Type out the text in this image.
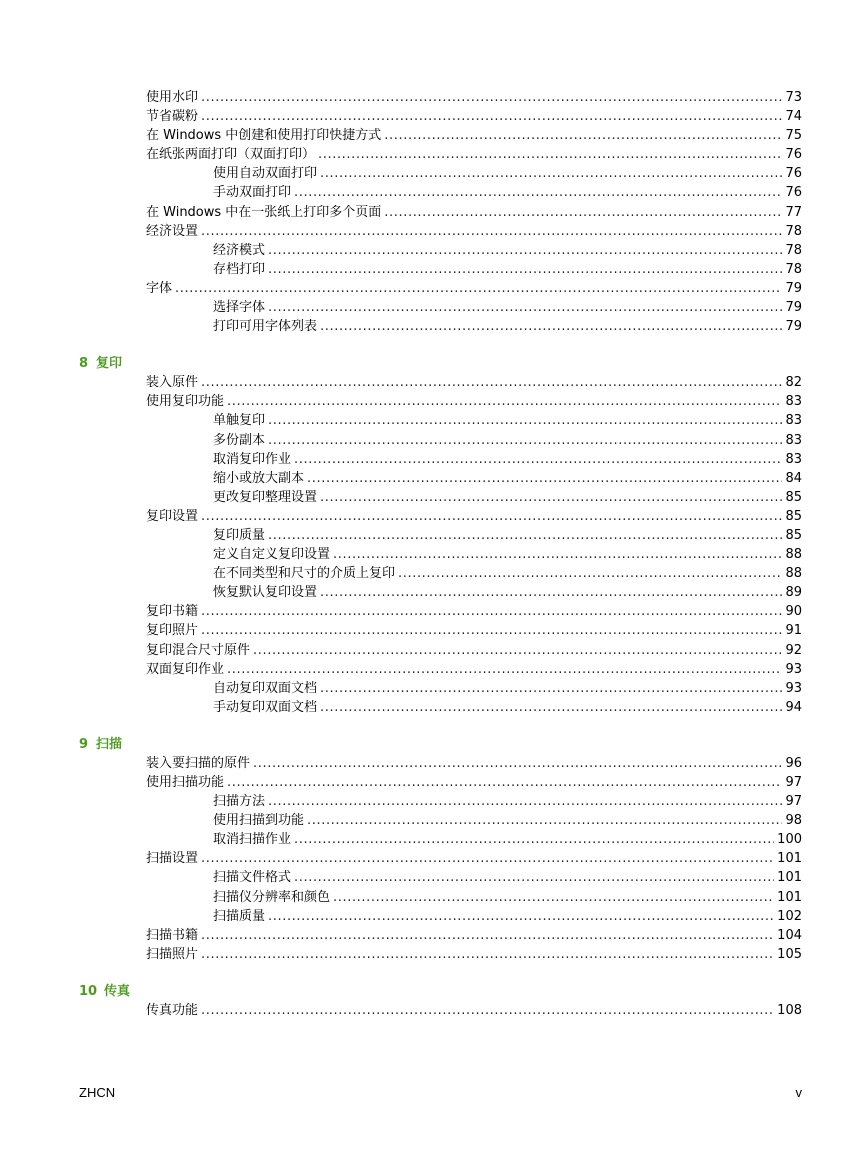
使用水印 .....	73
节省碳粉 .....	74
在 Windows 中创建和使用打印快捷方式 .....	75
在纸张两面打印（双面打印） .....	76
使用自动双面打印 .....	76
手动双面打印 .....	76
在 Windows 中在一张纸上打印多个页面 .....	77
经济设置 .....	78
经济模式 .....	78
存档打印 .....	78
字体 .....	79
选择字体 .....	79
打印可用字体列表 .....	79
8 复印
装入原件 .....	82
使用复印功能 .....	83
单触复印 .....	83
多份副本 .....	83
取消复印作业 .....	83
缩小或放大副本 .....	84
更改复印整理设置 .....	85
复印设置 .....	85
复印质量 .....	85
定义自定义复印设置 .....	88
在不同类型和尺寸的介质上复印 .....	88
恢复默认复印设置 .....	89
复印书籍 .....	90
复印照片 .....	91
复印混合尺寸原件 .....	92
双面复印作业 .....	93
自动复印双面文档 .....	93
手动复印双面文档 .....	94
9 扫描
装入要扫描的原件 .....	96
使用扫描功能 .....	97
扫描方法 .....	97
使用扫描到功能 .....	98
取消扫描作业 .....	100
扫描设置 .....	101
扫描文件格式 .....	101
扫描仪分辨率和颜色 .....	101
扫描质量 .....	102
扫描书籍 .....	104
扫描照片 .....	105
10 传真
传真功能 .....	108
ZHCN	v
